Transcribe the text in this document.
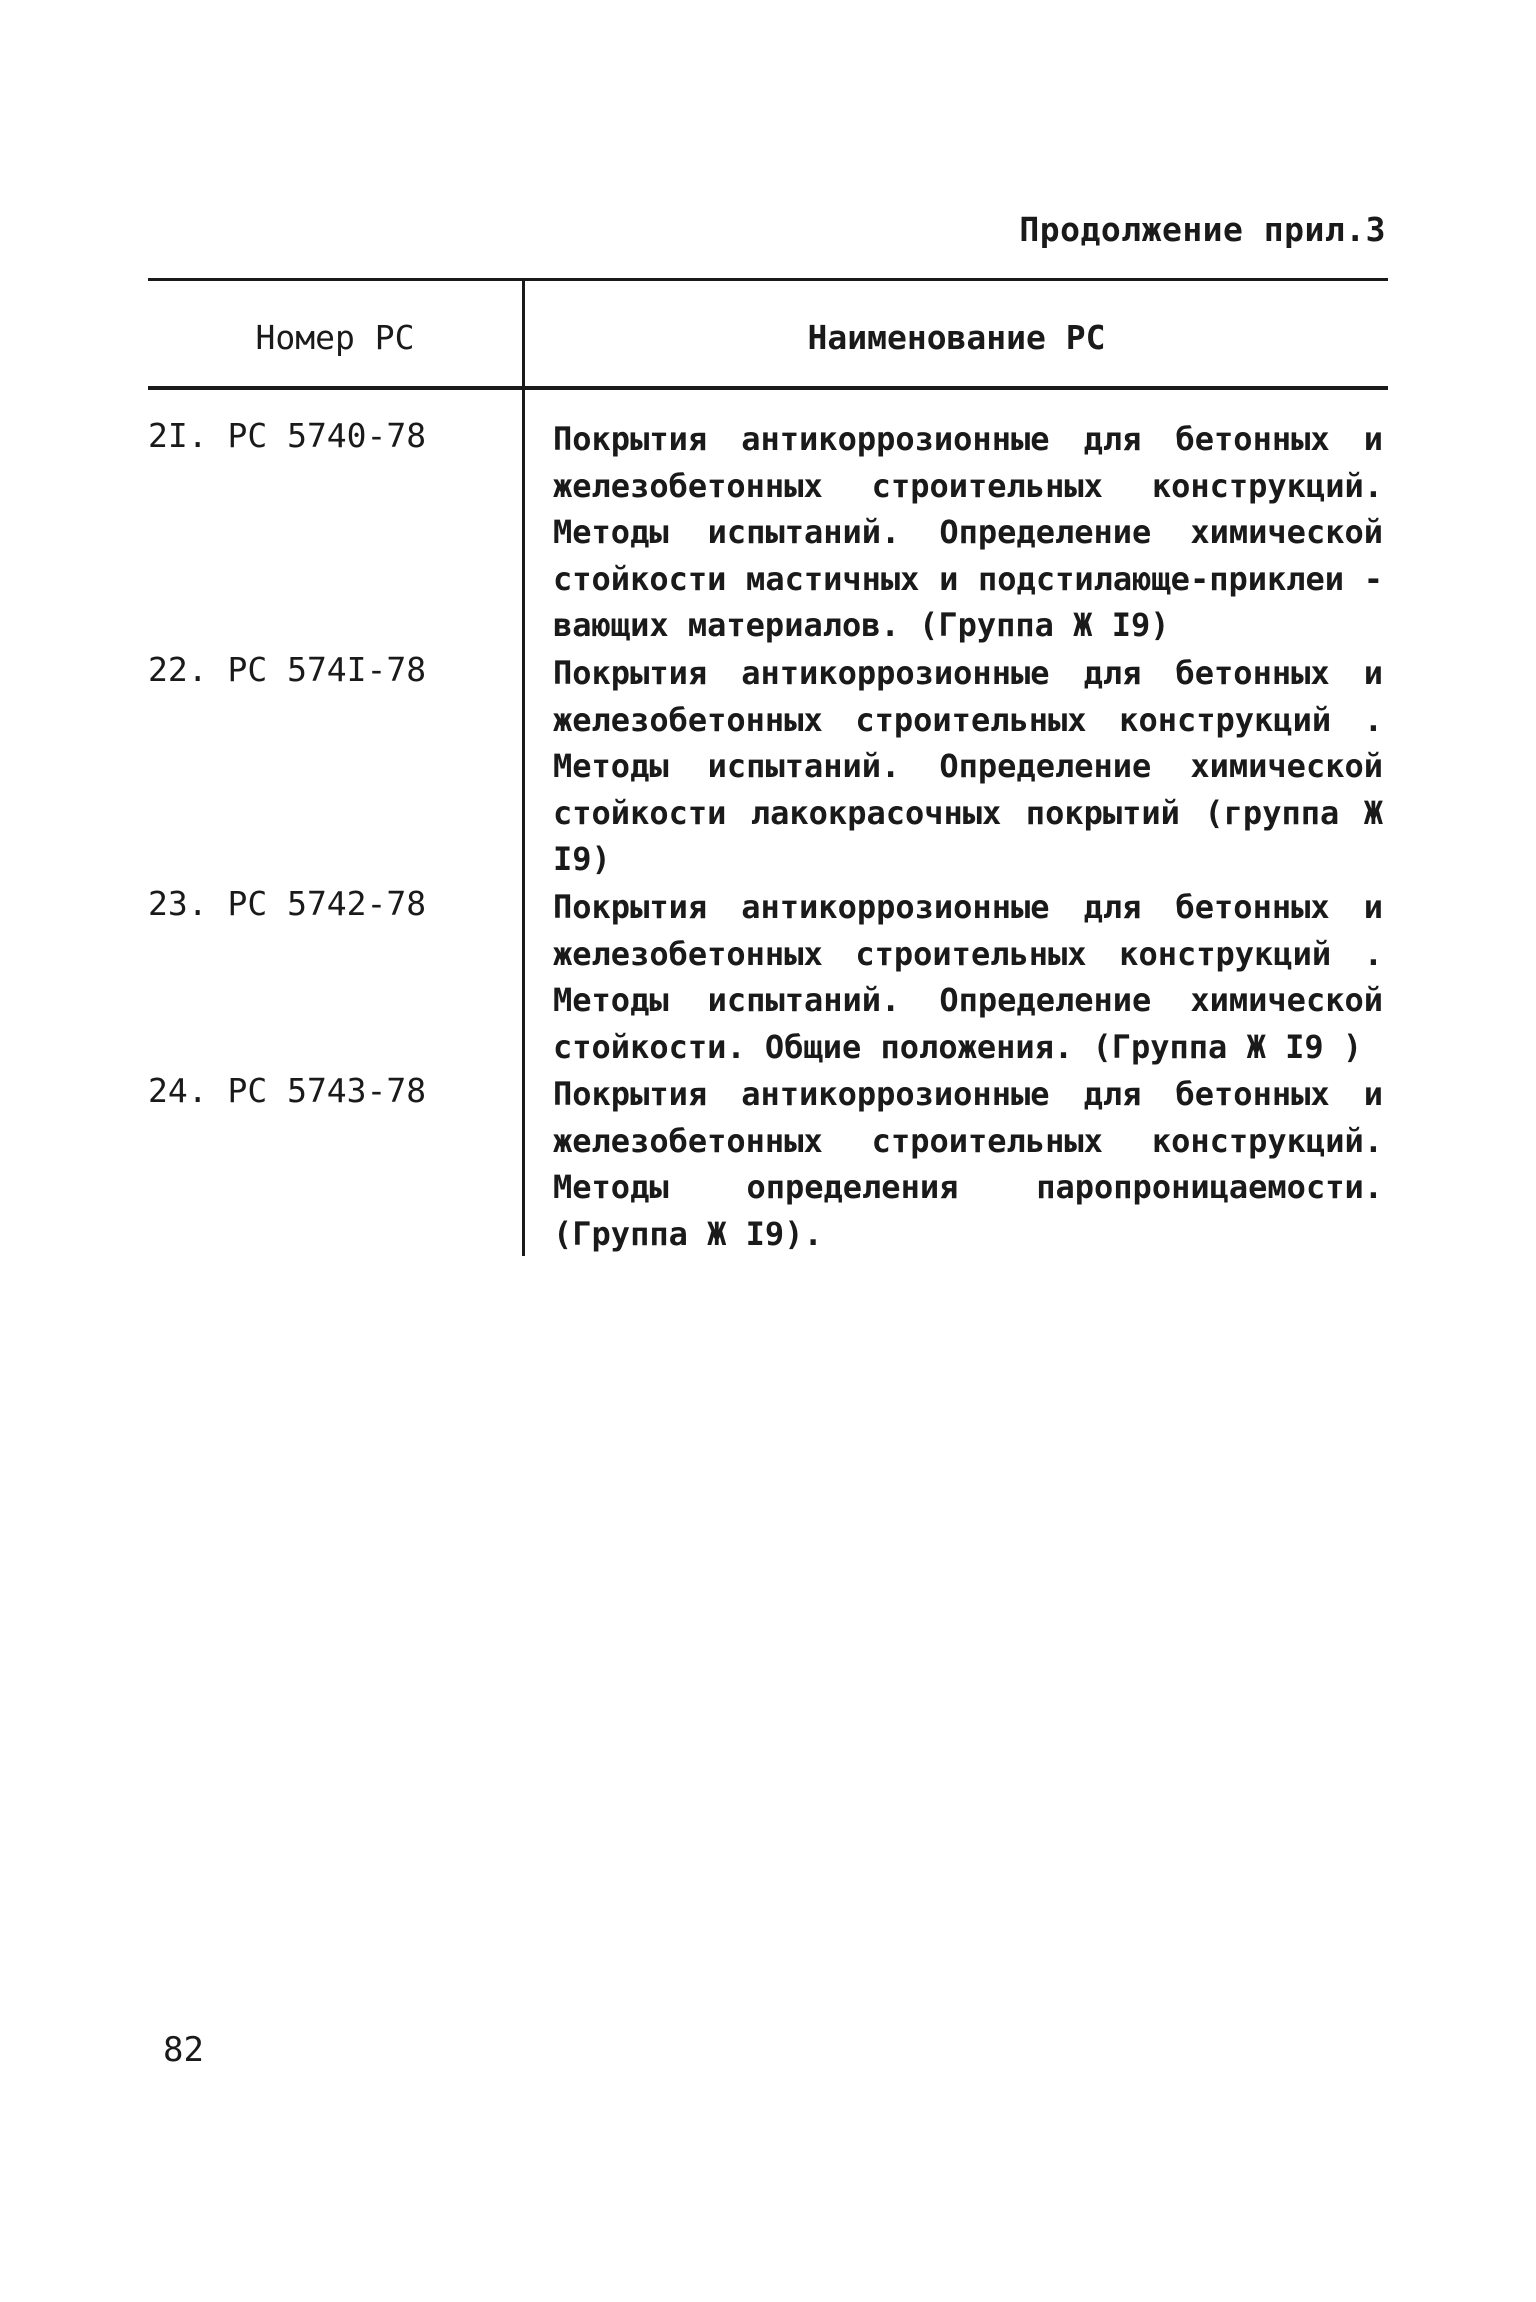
Продолжение прил.3
Номер РС	Наименование РС
2I. РС 5740-78	Покрытия антикоррозионные для бетонных и железобетонных строительных конструкций. Методы испытаний. Определение химической стойкости мастичных и подстилающе-приклеи - вающих материалов. (Группа Ж I9)
22. РС 574I-78	Покрытия антикоррозионные для бетонных и железобетонных строительных конструкций . Методы испытаний. Определение химической стойкости лакокрасочных покрытий (группа Ж I9)
23. РС 5742-78	Покрытия антикоррозионные для бетонных и железобетонных строительных конструкций . Методы испытаний. Определение химической стойкости. Общие положения. (Группа Ж I9 )
24. РС 5743-78	Покрытия антикоррозионные для бетонных и железобетонных строительных конструкций. Методы определения паропроницаемости. (Группа Ж I9).
82
